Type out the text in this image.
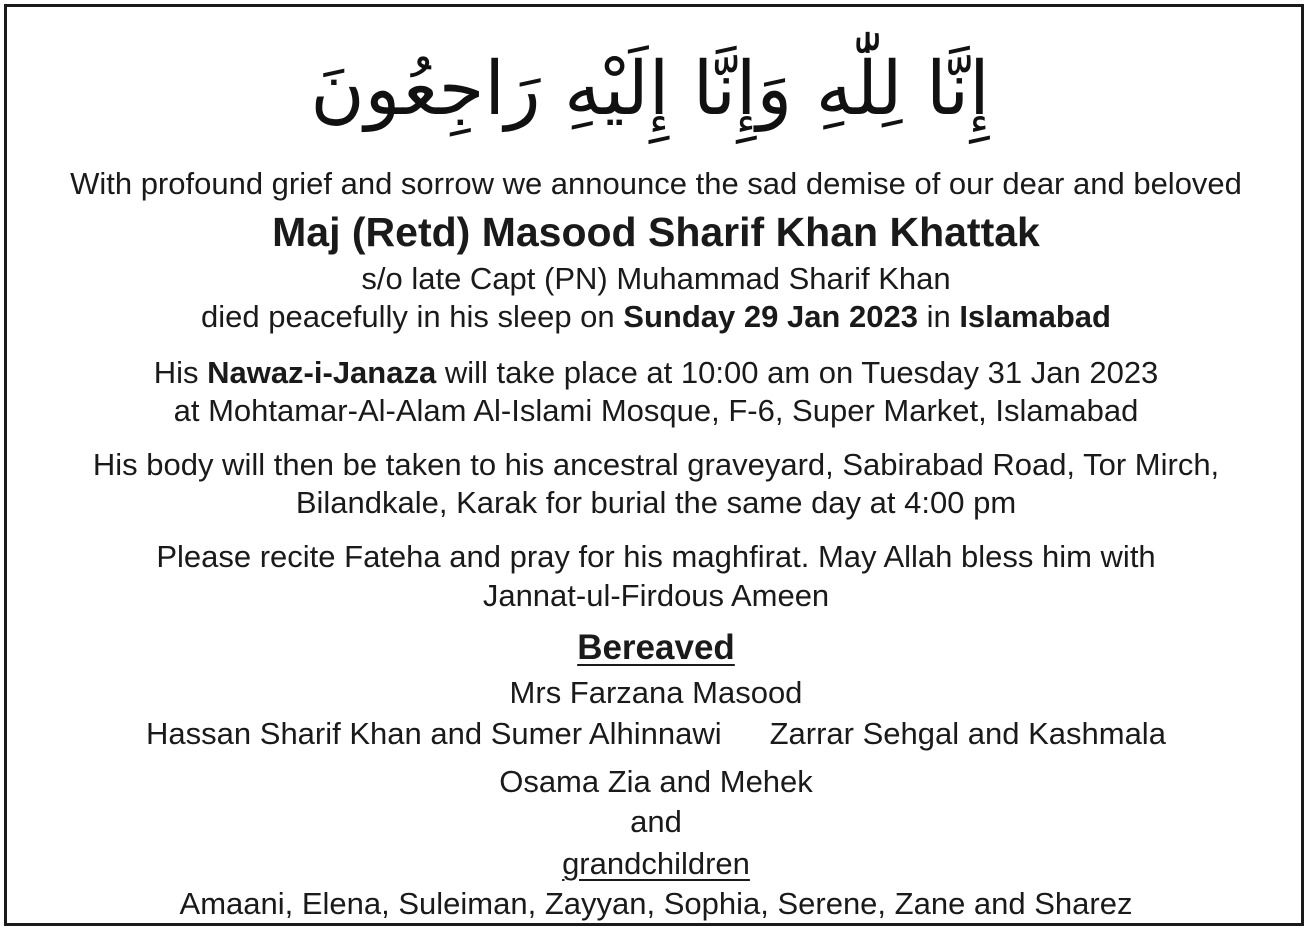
إِنَّا لِلّٰهِ وَإِنَّا إِلَيْهِ رَاجِعُونَ
With profound grief and sorrow we announce the sad demise of our dear and beloved
Maj (Retd) Masood Sharif Khan Khattak
s/o late Capt (PN) Muhammad Sharif Khan
died peacefully in his sleep on Sunday 29 Jan 2023 in Islamabad
His Nawaz-i-Janaza will take place at 10:00 am on Tuesday 31 Jan 2023
at Mohtamar-Al-Alam Al-Islami Mosque, F-6, Super Market, Islamabad
His body will then be taken to his ancestral graveyard, Sabirabad Road, Tor Mirch,
Bilandkale, Karak for burial the same day at 4:00 pm
Please recite Fateha and pray for his maghfirat. May Allah bless him with
Jannat-ul-Firdous Ameen
Bereaved
Mrs Farzana Masood
Hassan Sharif Khan and Sumer Alhinnawi Zarrar Sehgal and Kashmala
Osama Zia and Mehek
and
grandchildren
Amaani, Elena, Suleiman, Zayyan, Sophia, Serene, Zane and Sharez
